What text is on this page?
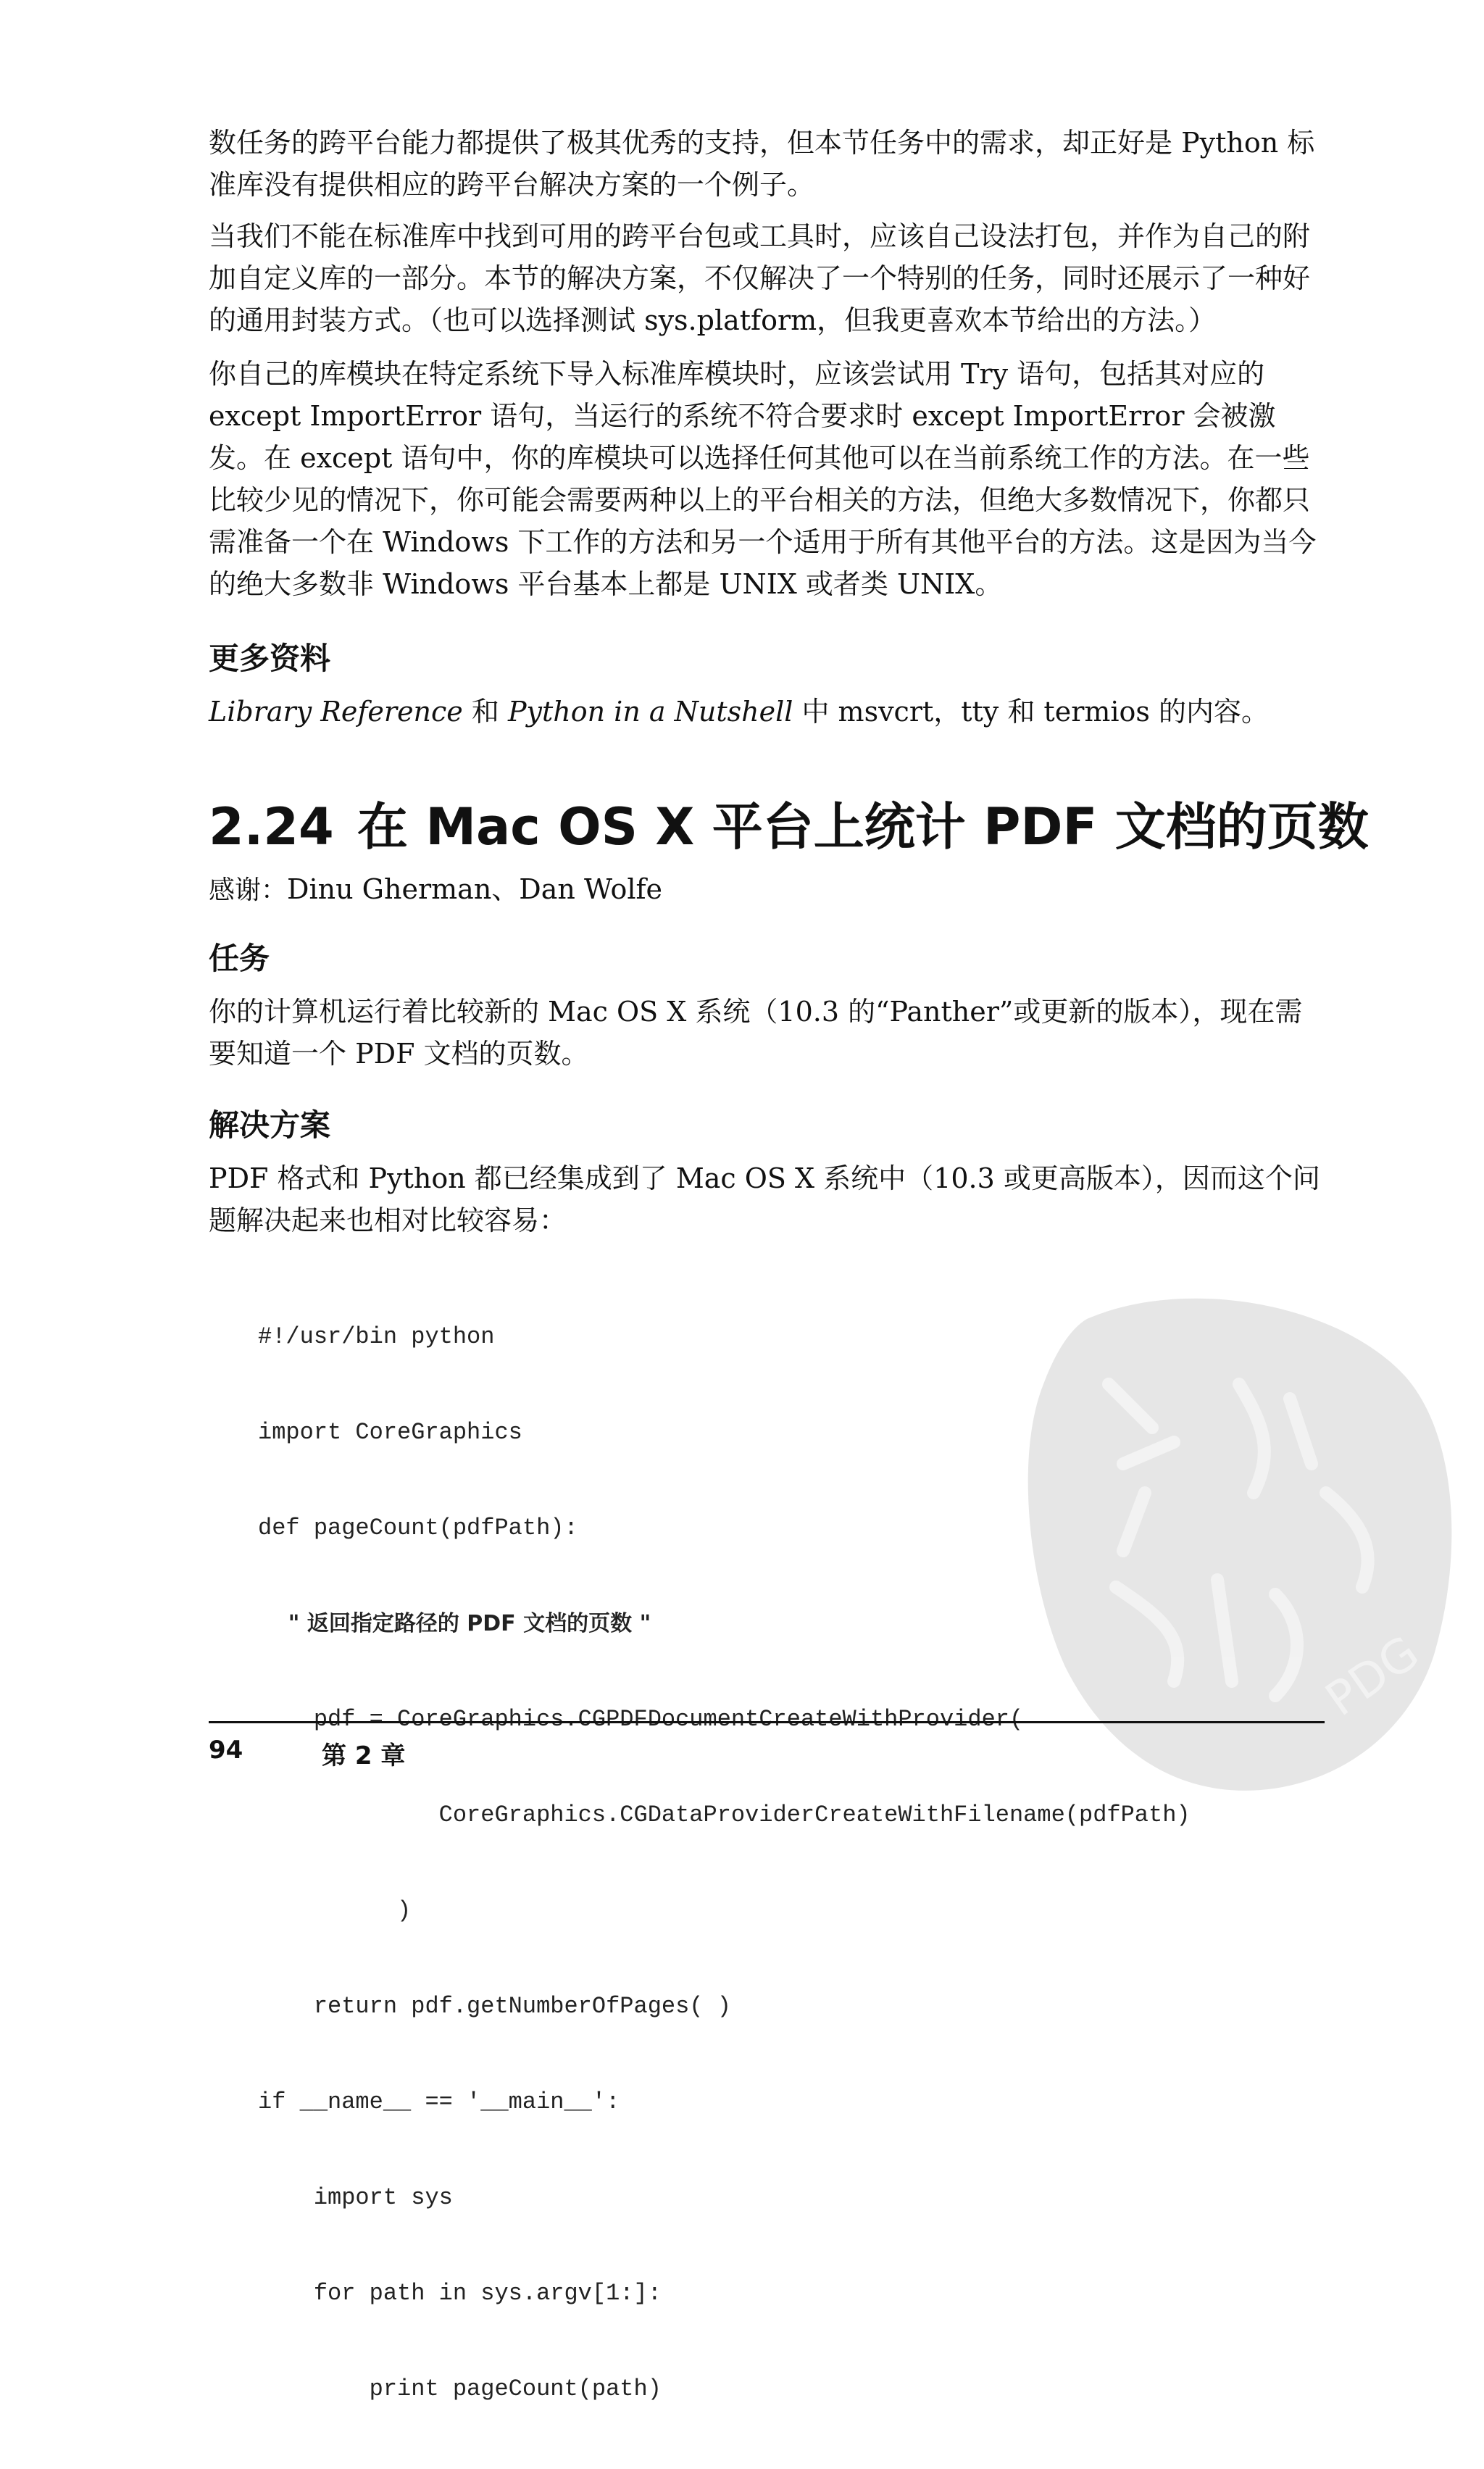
数任务的跨平台能力都提供了极其优秀的支持，但本节任务中的需求，却正好是 Python 标准库没有提供相应的跨平台解决方案的一个例子。

当我们不能在标准库中找到可用的跨平台包或工具时，应该自己设法打包，并作为自己的附加自定义库的一部分。本节的解决方案，不仅解决了一个特别的任务，同时还展示了一种好的通用封装方式。（也可以选择测试 sys.platform，但我更喜欢本节给出的方法。）

你自己的库模块在特定系统下导入标准库模块时，应该尝试用 Try 语句，包括其对应的 except ImportError 语句，当运行的系统不符合要求时 except ImportError 会被激发。在 except 语句中，你的库模块可以选择任何其他可以在当前系统工作的方法。在一些比较少见的情况下，你可能会需要两种以上的平台相关的方法，但绝大多数情况下，你都只需准备一个在 Windows 下工作的方法和另一个适用于所有其他平台的方法。这是因为当今的绝大多数非 Windows 平台基本上都是 UNIX 或者类 UNIX。

更多资料

Library Reference 和 Python in a Nutshell 中 msvcrt，tty 和 termios 的内容。

2.24 在 Mac OS X 平台上统计 PDF 文档的页数

感谢：Dinu Gherman、Dan Wolfe

任务

你的计算机运行着比较新的 Mac OS X 系统（10.3 的“Panther”或更新的版本），现在需要知道一个 PDF 文档的页数。

解决方案

PDF 格式和 Python 都已经集成到了 Mac OS X 系统中（10.3 或更高版本），因而这个问题解决起来也相对比较容易：

#!/usr/bin python

import CoreGraphics

def pageCount(pdfPath):

" 返回指定路径的 PDF 文档的页数 "

pdf = CoreGraphics.CGPDFDocumentCreateWithProvider(

CoreGraphics.CGDataProviderCreateWithFilename(pdfPath)

)

return pdf.getNumberOfPages( )

if __name__ == '__main__':

import sys

for path in sys.argv[1:]:

print pageCount(path)

PDG
94	第 2 章
